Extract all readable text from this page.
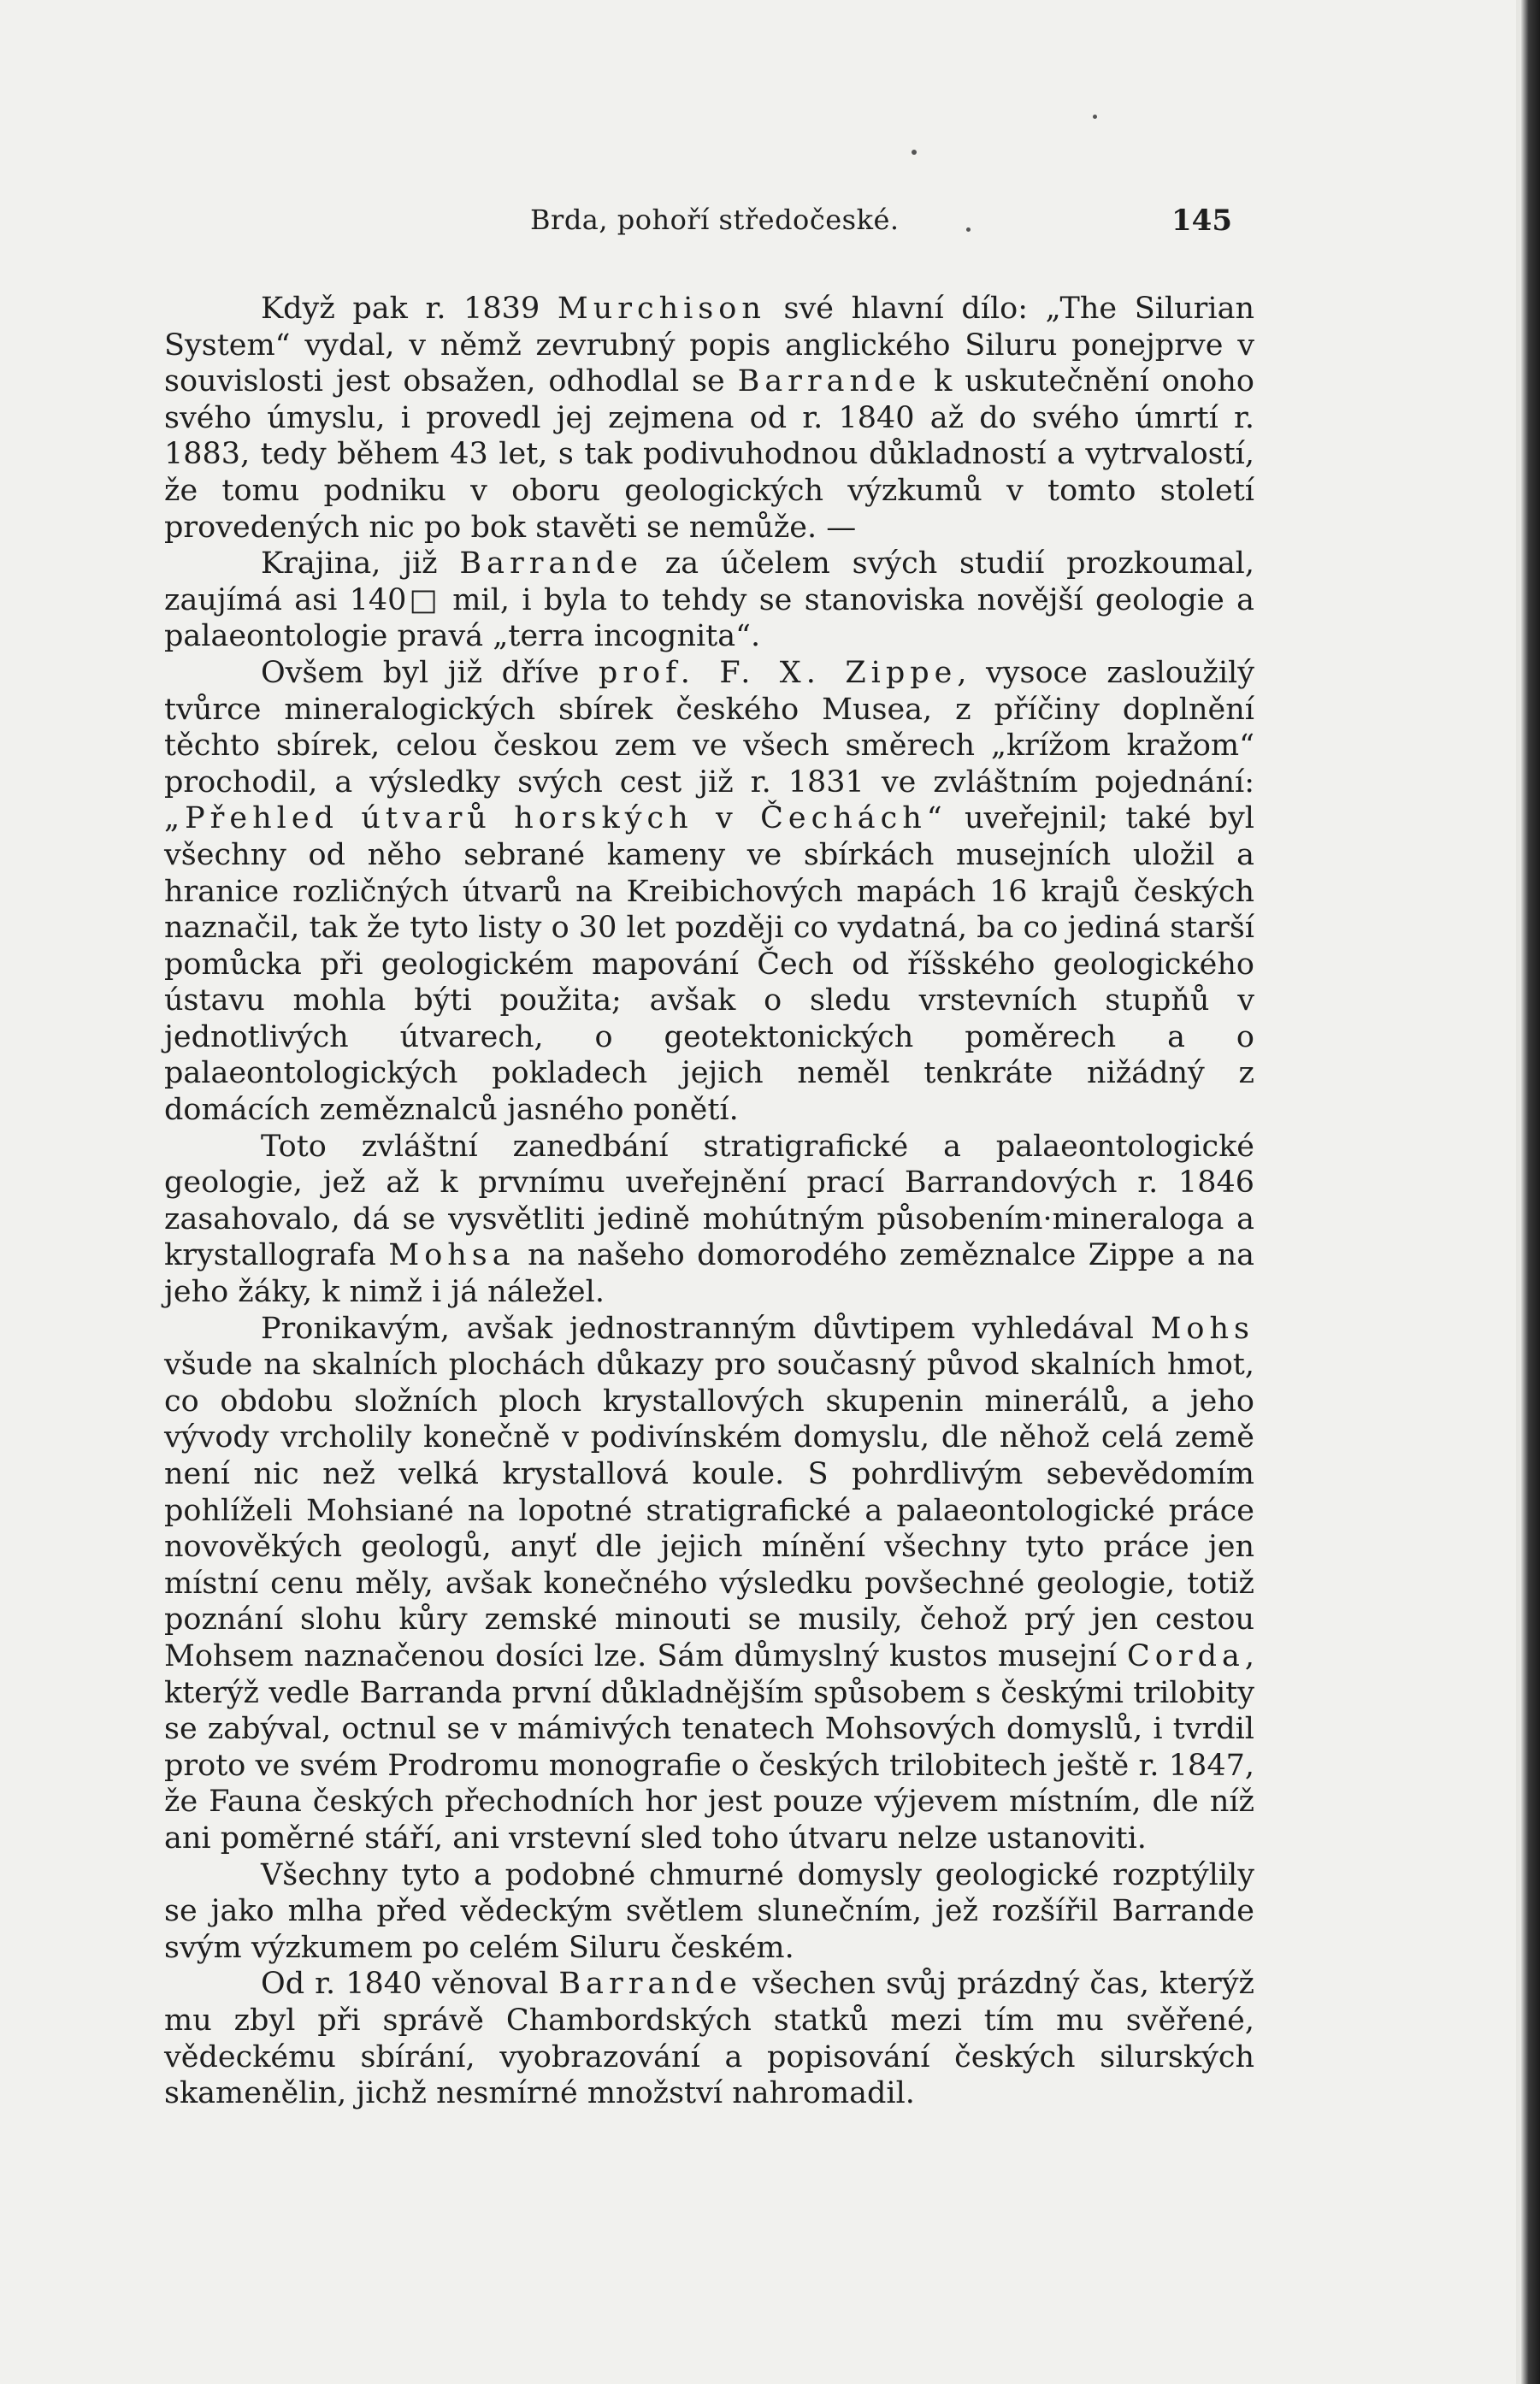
Brda, pohoří středočeské.	145

Když pak r. 1839 Murchison své hlavní dílo: „The Silurian System“ vydal, v němž zevrubný popis anglického Siluru ponejprve v souvislosti jest obsažen, odhodlal se Barrande k uskutečnění onoho svého úmyslu, i provedl jej zejmena od r. 1840 až do svého úmrtí r. 1883, tedy během 43 let, s tak podivuhodnou důkladností a vytrvalostí, že tomu podniku v oboru geologických výzkumů v tomto století provedených nic po bok stavěti se nemůže. —

Krajina, již Barrande za účelem svých studií prozkoumal, zaujímá asi 140□ mil, i byla to tehdy se stanoviska novější geologie a palaeontologie pravá „terra incognita“.

Ovšem byl již dříve prof. F. X. Zippe, vysoce zasloužilý tvůrce mineralogických sbírek českého Musea, z příčiny doplnění těchto sbírek, celou českou zem ve všech směrech „krížom kražom“ prochodil, a výsledky svých cest již r. 1831 ve zvláštním pojednání: „Přehled útvarů horských v Čechách“ uveřejnil; také byl všechny od něho sebrané kameny ve sbírkách musejních uložil a hranice rozličných útvarů na Kreibichových mapách 16 krajů českých naznačil, tak že tyto listy o 30 let později co vydatná, ba co jediná starší pomůcka při geologickém mapování Čech od říšského geologického ústavu mohla býti použita; avšak o sledu vrstevních stupňů v jednotlivých útvarech, o geotektonických poměrech a o palaeontologických pokladech jejich neměl tenkráte nižádný z domácích zeměznalců jasného ponětí.

Toto zvláštní zanedbání stratigrafické a palaeontologické geologie, jež až k prvnímu uveřejnění prací Barrandových r. 1846 zasahovalo, dá se vysvětliti jedině mohútným působením·mineraloga a krystallografa Mohsa na našeho domorodého zeměznalce Zippe a na jeho žáky, k nimž i já náležel.

Pronikavým, avšak jednostranným důvtipem vyhledával Mohs všude na skalních plochách důkazy pro současný původ skalních hmot, co obdobu složních ploch krystallových skupenin minerálů, a jeho vývody vrcholily konečně v podivínském domyslu, dle něhož celá země není nic než velká krystallová koule. S pohrdlivým sebevědomím pohlíželi Mohsiané na lopotné stratigrafické a palaeontologické práce novověkých geologů, anyť dle jejich mínění všechny tyto práce jen místní cenu měly, avšak konečného výsledku povšechné geologie, totiž poznání slohu kůry zemské minouti se musily, čehož prý jen cestou Mohsem naznačenou dosíci lze. Sám důmyslný kustos musejní Corda, kterýž vedle Barranda první důkladnějším spůsobem s českými trilobity se zabýval, octnul se v mámivých tenatech Mohsových domyslů, i tvrdil proto ve svém Prodromu monografie o českých trilobitech ještě r. 1847, že Fauna českých přechodních hor jest pouze výjevem místním, dle níž ani poměrné stáří, ani vrstevní sled toho útvaru nelze ustanoviti.

Všechny tyto a podobné chmurné domysly geologické rozptýlily se jako mlha před vědeckým světlem slunečním, jež rozšířil Barrande svým výzkumem po celém Siluru českém.

Od r. 1840 věnoval Barrande všechen svůj prázdný čas, kterýž mu zbyl při správě Chambordských statků mezi tím mu svěřené, vědeckému sbírání, vyobrazování a popisování českých silurských skamenělin, jichž nesmírné množství nahromadil.
